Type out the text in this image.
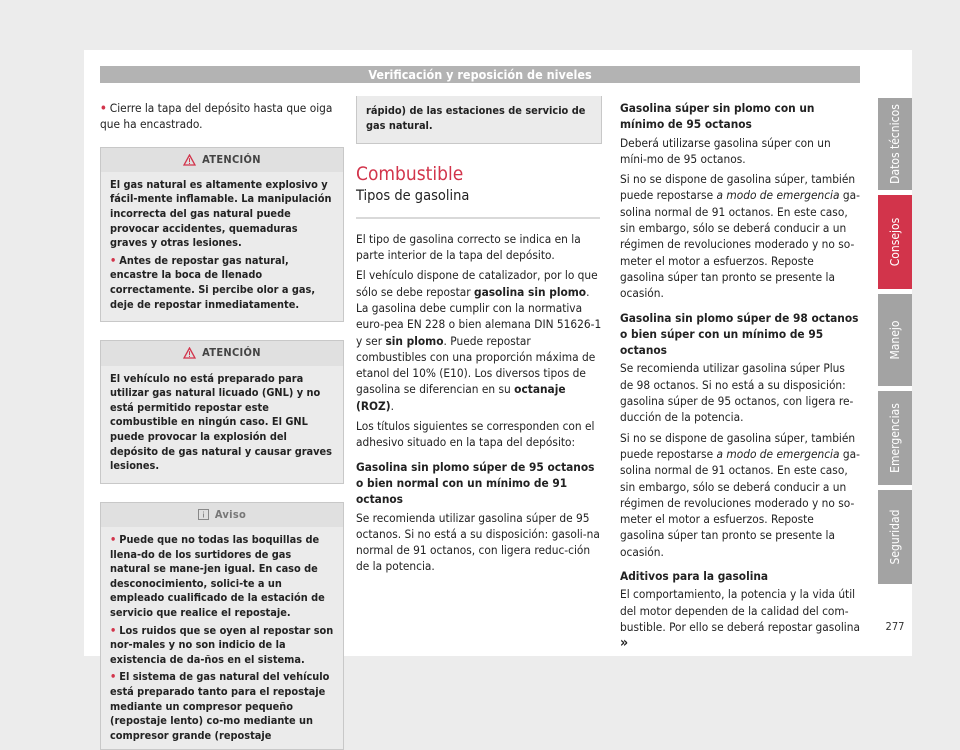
Verificación y reposición de niveles

• Cierre la tapa del depósito hasta que oiga que ha encastrado.

ATENCIÓN

El gas natural es altamente explosivo y fácil-mente inflamable. La manipulación incorrecta del gas natural puede provocar accidentes, quemaduras graves y otras lesiones.

• Antes de repostar gas natural, encastre la boca de llenado correctamente. Si percibe olor a gas, deje de repostar inmediatamente.

ATENCIÓN

El vehículo no está preparado para utilizar gas natural licuado (GNL) y no está permitido repostar este combustible en ningún caso. El GNL puede provocar la explosión del depósito de gas natural y causar graves lesiones.

Aviso

• Puede que no todas las boquillas de llena-do de los surtidores de gas natural se mane-jen igual. En caso de desconocimiento, solici-te a un empleado cualificado de la estación de servicio que realice el repostaje.

• Los ruidos que se oyen al repostar son nor-males y no son indicio de la existencia de da-ños en el sistema.

• El sistema de gas natural del vehículo está preparado tanto para el repostaje mediante un compresor pequeño (repostaje lento) co-mo mediante un compresor grande (repostaje

rápido) de las estaciones de servicio de gas natural.

Combustible
Tipos de gasolina

El tipo de gasolina correcto se indica en la parte interior de la tapa del depósito.

El vehículo dispone de catalizador, por lo que sólo se debe repostar gasolina sin plomo. La gasolina debe cumplir con la normativa euro-pea EN 228 o bien alemana DIN 51626-1 y ser sin plomo. Puede repostar combustibles con una proporción máxima de etanol del 10% (E10). Los diversos tipos de gasolina se diferencian en su octanaje (ROZ).

Los títulos siguientes se corresponden con el adhesivo situado en la tapa del depósito:

Gasolina sin plomo súper de 95 octanos o bien normal con un mínimo de 91 octanos

Se recomienda utilizar gasolina súper de 95 octanos. Si no está a su disposición: gasoli-na normal de 91 octanos, con ligera reduc-ción de la potencia.

Gasolina súper sin plomo con un mínimo de 95 octanos

Deberá utilizarse gasolina súper con un míni-mo de 95 octanos.

Si no se dispone de gasolina súper, también puede repostarse a modo de emergencia ga-solina normal de 91 octanos. En este caso, sin embargo, sólo se deberá conducir a un régimen de revoluciones moderado y no so-meter el motor a esfuerzos. Reposte gasolina súper tan pronto se presente la ocasión.

Gasolina sin plomo súper de 98 octanos o bien súper con un mínimo de 95 octanos

Se recomienda utilizar gasolina súper Plus de 98 octanos. Si no está a su disposición: gasolina súper de 95 octanos, con ligera re-ducción de la potencia.

Si no se dispone de gasolina súper, también puede repostarse a modo de emergencia ga-solina normal de 91 octanos. En este caso, sin embargo, sólo se deberá conducir a un régimen de revoluciones moderado y no so-meter el motor a esfuerzos. Reposte gasolina súper tan pronto se presente la ocasión.

Aditivos para la gasolina

El comportamiento, la potencia y la vida útil del motor dependen de la calidad del com-bustible. Por ello se deberá repostar gasolina »

Datos técnicos
Consejos
Manejo
Emergencias
Seguridad
277
